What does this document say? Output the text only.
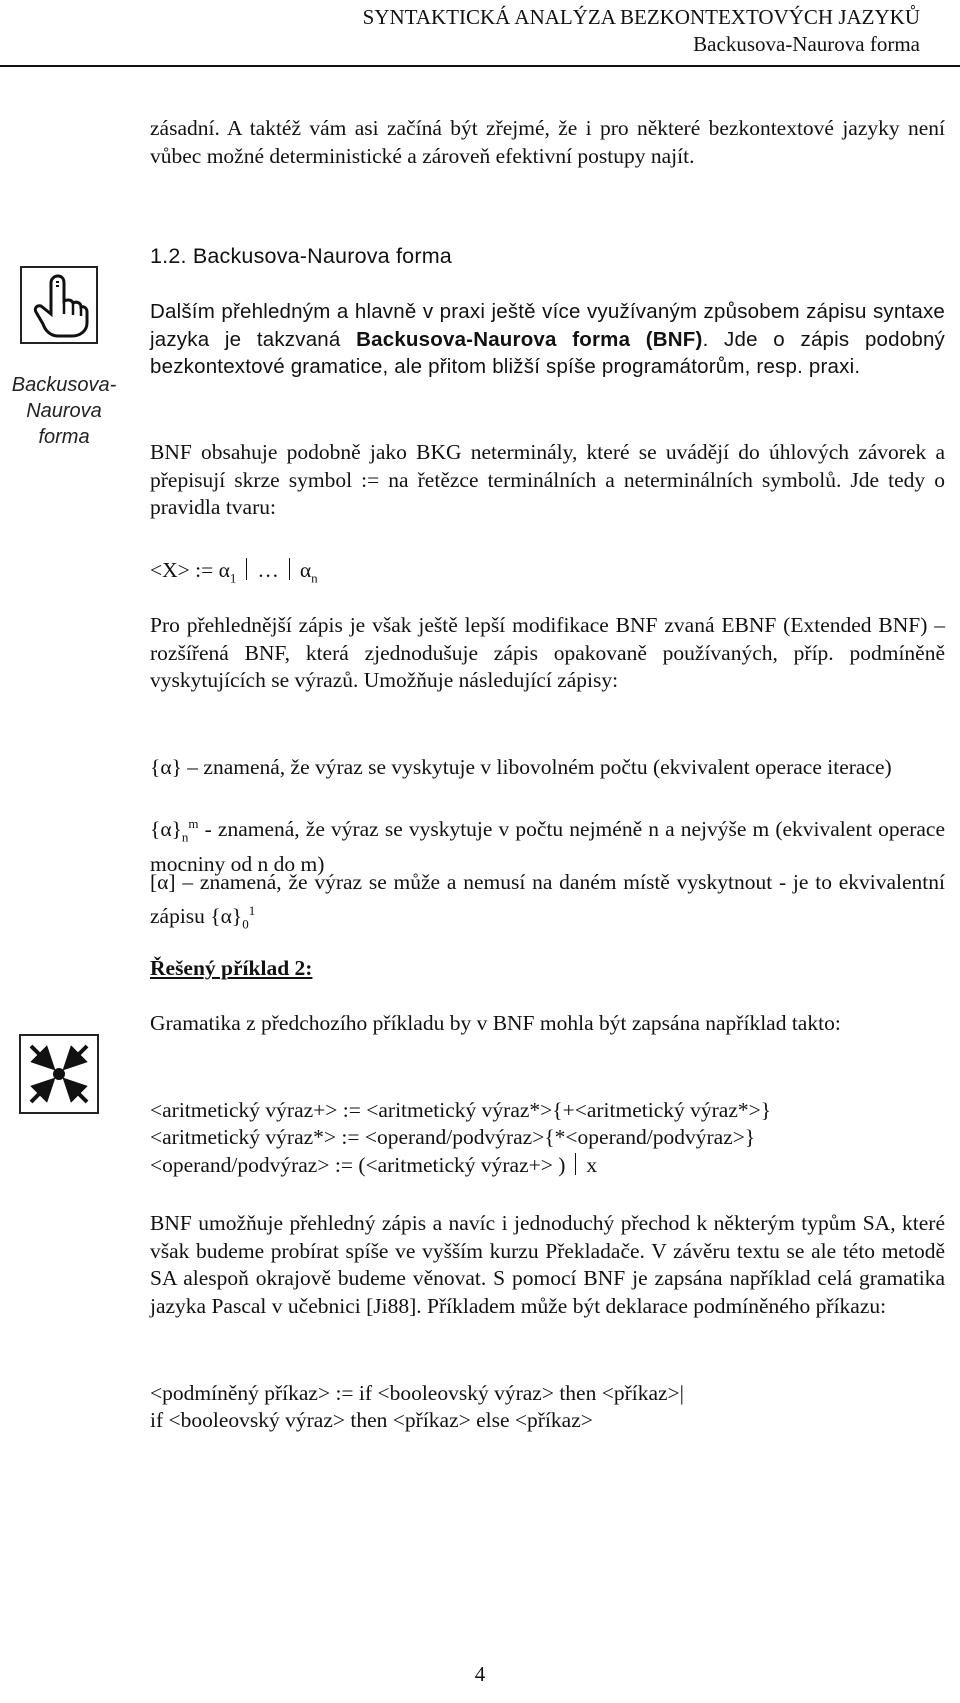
SYNTAKTICKÁ ANALÝZA BEZKONTEXTOVÝCH JAZYKŮ
Backusova-Naurova forma
zásadní. A taktéž vám asi začíná být zřejmé, že i pro některé bezkontextové jazyky není vůbec možné deterministické a zároveň efektivní postupy najít.
1.2. Backusova-Naurova forma
Backusova-
Naurova
forma
Dalším přehledným a hlavně v praxi ještě více využívaným způsobem zápisu syntaxe jazyka je takzvaná Backusova-Naurova forma (BNF). Jde o zápis podobný bezkontextové gramatice, ale přitom bližší spíše programátorům, resp. praxi.
BNF obsahuje podobně jako BKG neterminály, které se uvádějí do úhlových závorek a přepisují skrze symbol := na řetězce terminálních a neterminálních symbolů. Jde tedy o pravidla tvaru:
<X> := $\alpha_1$ … $\alpha_n$
Pro přehlednější zápis je však ještě lepší modifikace BNF zvaná EBNF (Extended BNF) – rozšířená BNF, která zjednodušuje zápis opakovaně používaných, příp. podmíněně vyskytujících se výrazů. Umožňuje následující zápisy:
{α} – znamená, že výraz se vyskytuje v libovolném počtu (ekvivalent operace iterace)
$\{\alpha\}_n^m$ - znamená, že výraz se vyskytuje v počtu nejméně n a nejvýše m (ekvivalent operace mocniny od n do m)
[α] – znamená, že výraz se může a nemusí na daném místě vyskytnout - je to ekvivalentní zápisu $\{\alpha\}_0^1$
Řešený příklad 2:
Gramatika z předchozího příkladu by v BNF mohla být zapsána například takto:
<aritmetický výraz+> := <aritmetický výraz*>{+<aritmetický výraz*>}
<aritmetický výraz*> := <operand/podvýraz>{*<operand/podvýraz>}
<operand/podvýraz> := (<aritmetický výraz+> ) x
BNF umožňuje přehledný zápis a navíc i jednoduchý přechod k některým typům SA, které však budeme probírat spíše ve vyšším kurzu Překladače. V závěru textu se ale této metodě SA alespoň okrajově budeme věnovat. S pomocí BNF je zapsána například celá gramatika jazyka Pascal v učebnici [Ji88]. Příkladem může být deklarace podmíněného příkazu:
<podmíněný příkaz> := if <booleovský výraz> then <příkaz>|
if <booleovský výraz> then <příkaz> else <příkaz>
4
